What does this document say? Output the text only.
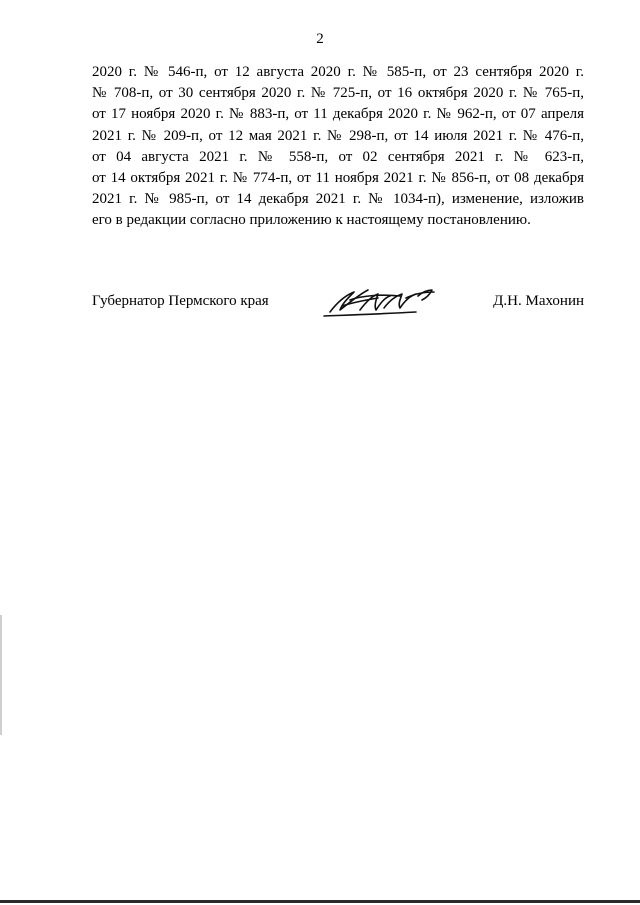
2
2020 г. № 546-п, от 12 августа 2020 г. № 585-п, от 23 сентября 2020 г.
№ 708-п, от 30 сентября 2020 г. № 725-п, от 16 октября 2020 г. № 765-п,
от 17 ноября 2020 г. № 883-п, от 11 декабря 2020 г. № 962-п, от 07 апреля
2021 г. № 209-п, от 12 мая 2021 г. № 298-п, от 14 июля 2021 г. № 476-п,
от 04 августа 2021 г. № 558-п, от 02 сентября 2021 г. № 623-п,
от 14 октября 2021 г. № 774-п, от 11 ноября 2021 г. № 856-п, от 08 декабря
2021 г. № 985-п, от 14 декабря 2021 г. № 1034-п), изменение, изложив
его в редакции согласно приложению к настоящему постановлению.
Губернатор Пермского края	Д.Н. Махонин
